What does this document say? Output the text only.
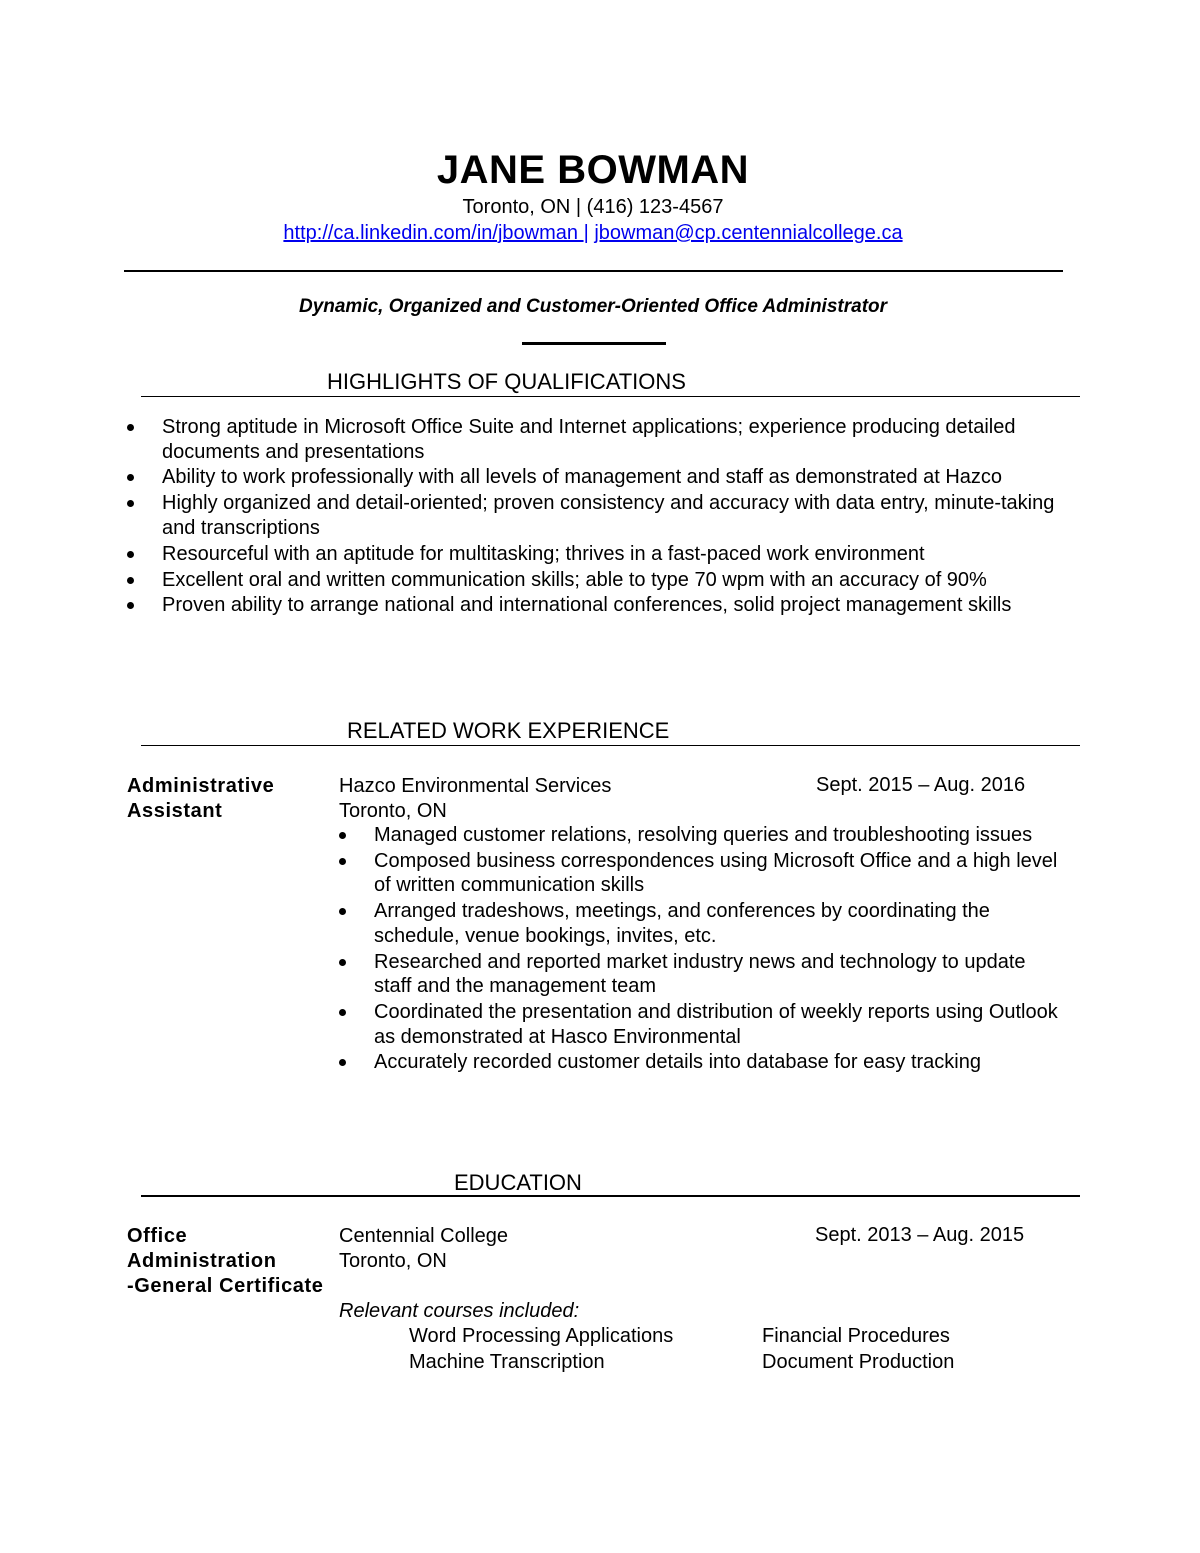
JANE BOWMAN
Toronto, ON | (416) 123-4567
http://ca.linkedin.com/in/jbowman | jbowman@cp.centennialcollege.ca
Dynamic, Organized and Customer-Oriented Office Administrator
HIGHLIGHTS OF QUALIFICATIONS
Strong aptitude in Microsoft Office Suite and Internet applications; experience producing detailed documents and presentations
Ability to work professionally with all levels of management and staff as demonstrated at Hazco
Highly organized and detail-oriented; proven consistency and accuracy with data entry, minute-taking and transcriptions
Resourceful with an aptitude for multitasking; thrives in a fast-paced work environment
Excellent oral and written communication skills; able to type 70 wpm with an accuracy of 90%
Proven ability to arrange national and international conferences, solid project management skills
RELATED WORK EXPERIENCE
Administrative
Assistant
Hazco Environmental Services
Toronto, ON
Sept. 2015 – Aug. 2016
Managed customer relations, resolving queries and troubleshooting issues
Composed business correspondences using Microsoft Office and a high level of written communication skills
Arranged tradeshows, meetings, and conferences by coordinating the schedule, venue bookings, invites, etc.
Researched and reported market industry news and technology to update staff and the management team
Coordinated the presentation and distribution of weekly reports using Outlook as demonstrated at Hasco Environmental
Accurately recorded customer details into database for easy tracking
EDUCATION
Office
Administration
-General Certificate
Centennial College
Toronto, ON
Sept. 2013 – Aug. 2015
Relevant courses included:
Word Processing Applications	Financial Procedures
Machine Transcription	Document Production
